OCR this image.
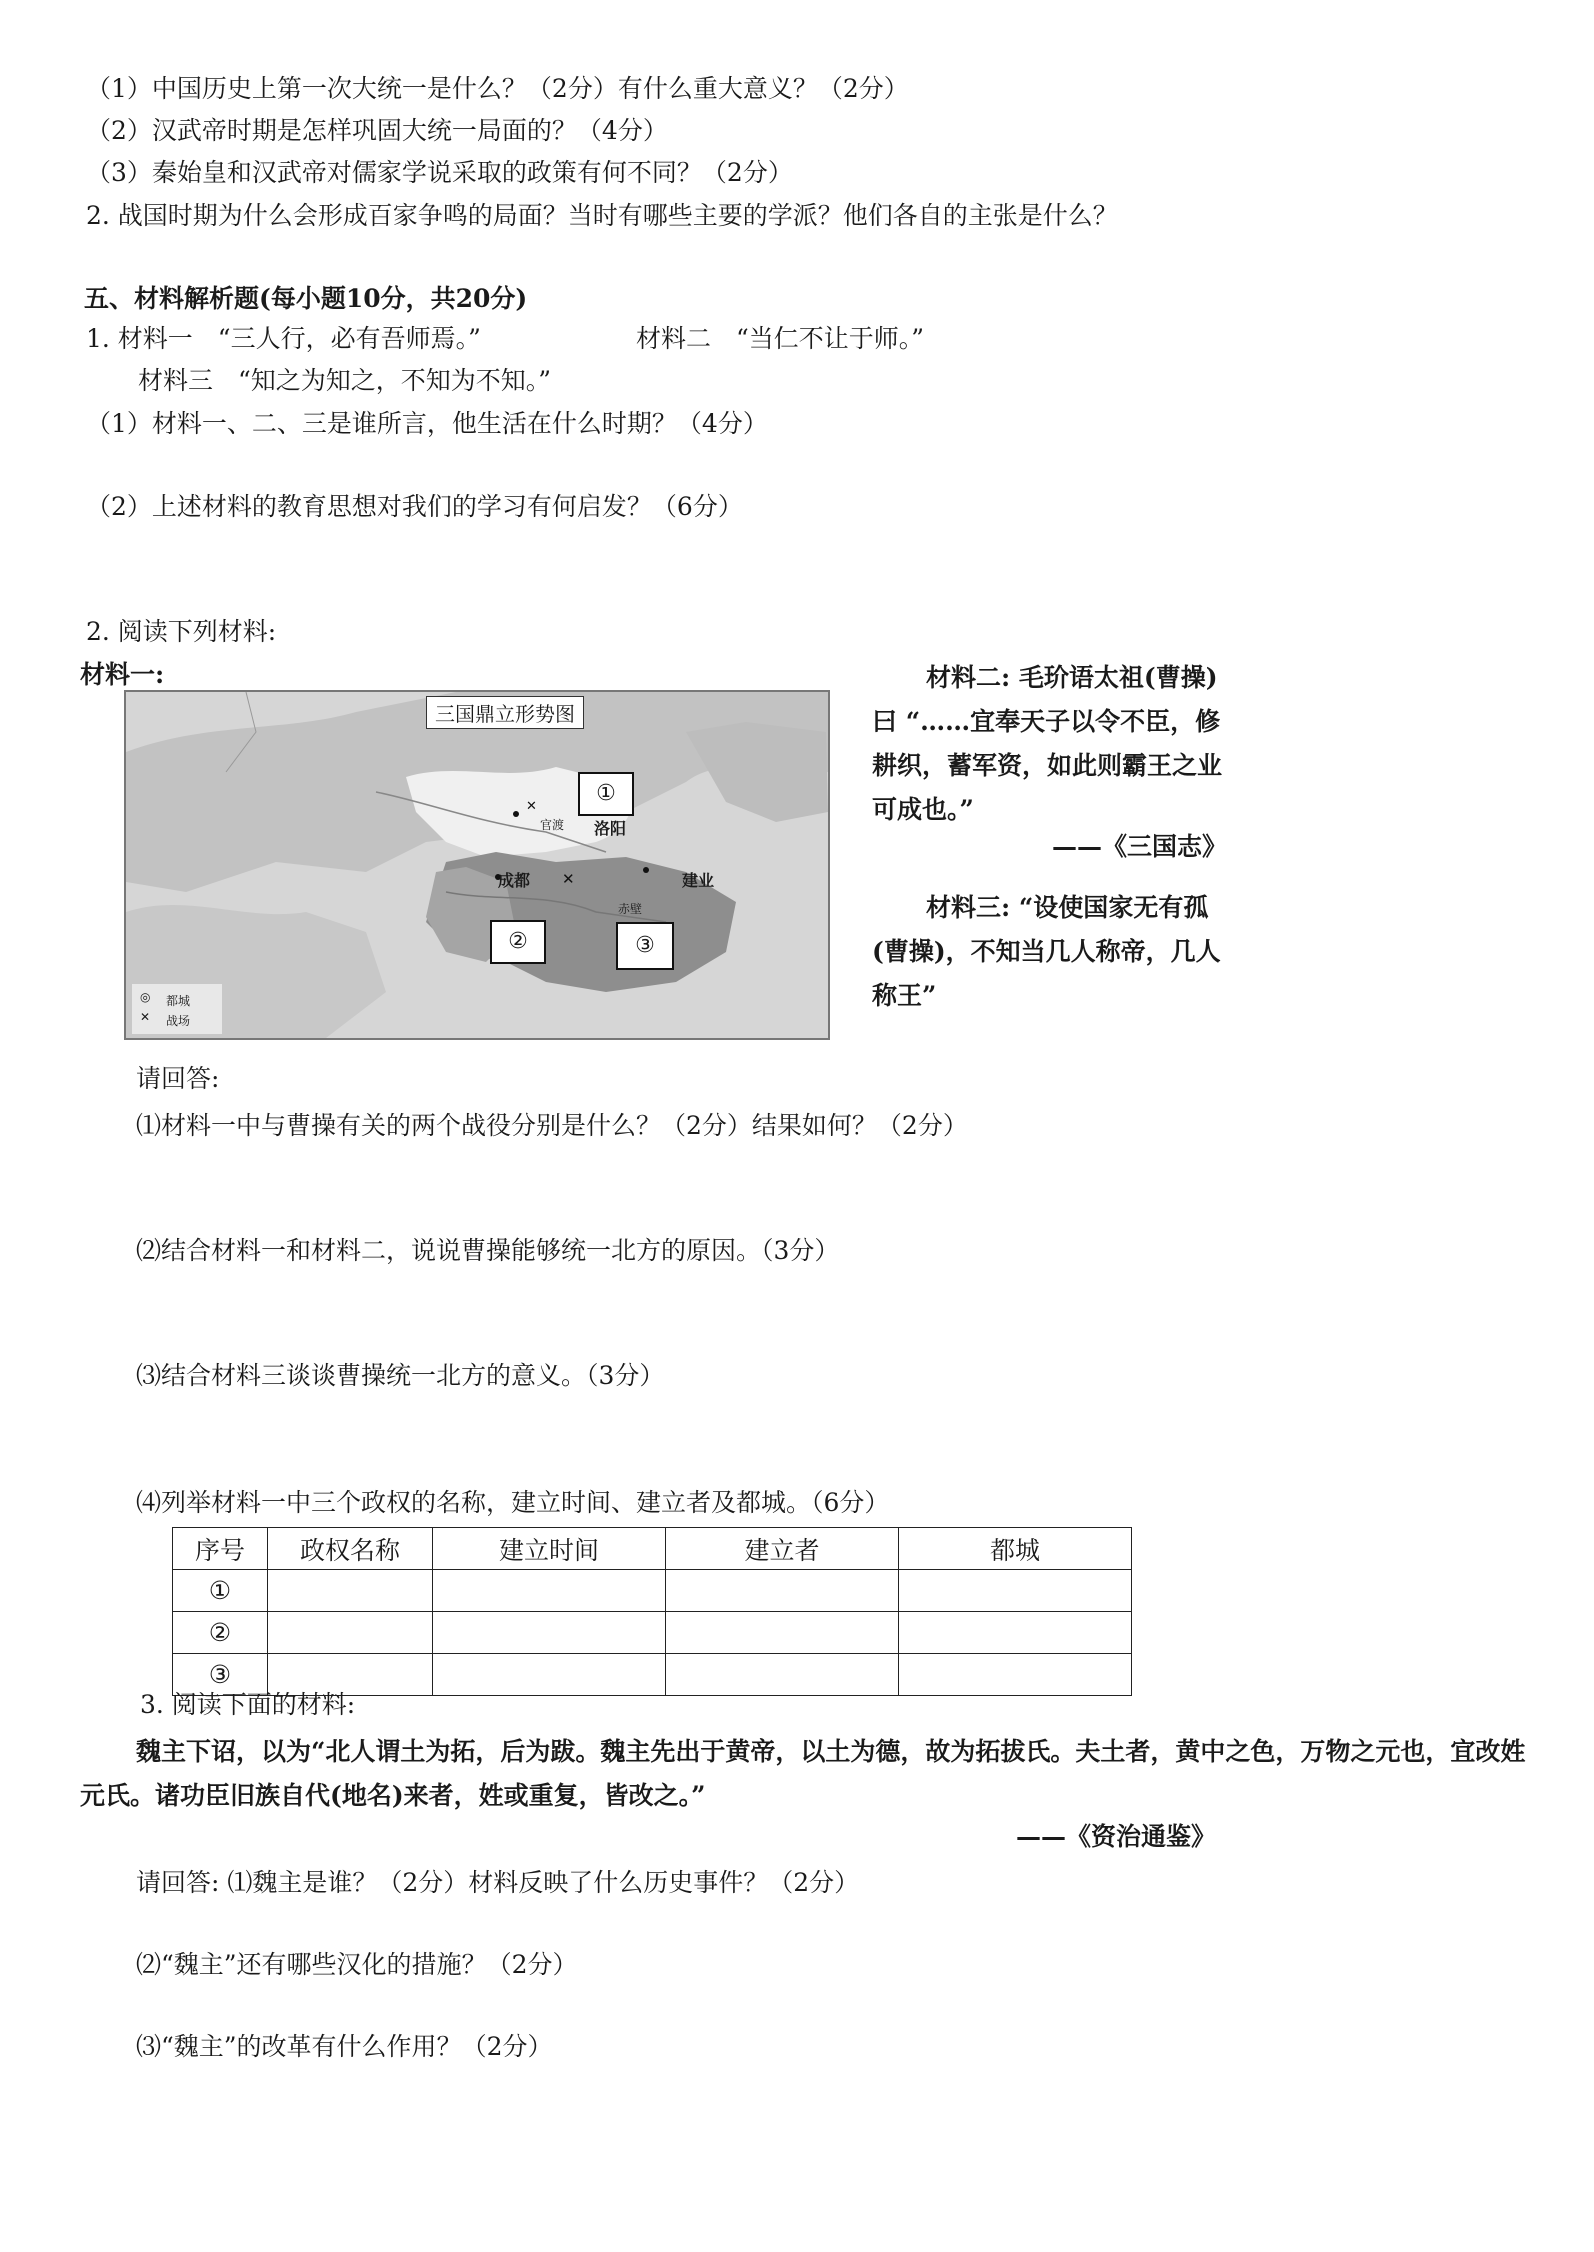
（1）中国历史上第一次大统一是什么？（2分）有什么重大意义？（2分）
（2）汉武帝时期是怎样巩固大统一局面的？（4分）
（3）秦始皇和汉武帝对儒家学说采取的政策有何不同？（2分）
2. 战国时期为什么会形成百家争鸣的局面？当时有哪些主要的学派？他们各自的主张是什么？
五、材料解析题(每小题10分，共20分)
1. 材料一　“三人行，必有吾师焉。”	材料二　“当仁不让于师。”
材料三　“知之为知之，不知为不知。”
（1）材料一、二、三是谁所言，他生活在什么时期？（4分）
（2）上述材料的教育思想对我们的学习有何启发？（6分）
2. 阅读下列材料:
材料一:
✕
✕
三国鼎立形势图
①
②	③
官渡 洛阳
成都	建业
赤壁
◎ 都城
✕ 战场
材料二: 毛玠语太祖(曹操)曰 “……宜奉天子以令不臣，修耕织，蓄军资，如此则霸王之业可成也。”
——《三国志》
材料三: “设使国家无有孤(曹操)，不知当几人称帝，几人称王”
请回答:
⑴材料一中与曹操有关的两个战役分别是什么？（2分）结果如何？（2分）
⑵结合材料一和材料二，说说曹操能够统一北方的原因。（3分）
⑶结合材料三谈谈曹操统一北方的意义。（3分）
⑷列举材料一中三个政权的名称，建立时间、建立者及都城。（6分）
序号	政权名称	建立时间	建立者	都城
①				
②				
③				
3. 阅读下面的材料:
魏主下诏，以为“北人谓土为拓，后为跋。魏主先出于黄帝，以土为德，故为拓拔氏。夫土者，黄中之色，万物之元也，宜改姓元氏。诸功臣旧族自代(地名)来者，姓或重复，皆改之。”
——《资治通鉴》
请回答: ⑴魏主是谁？（2分）材料反映了什么历史事件？（2分）
⑵“魏主”还有哪些汉化的措施？（2分）
⑶“魏主”的改革有什么作用？（2分）
